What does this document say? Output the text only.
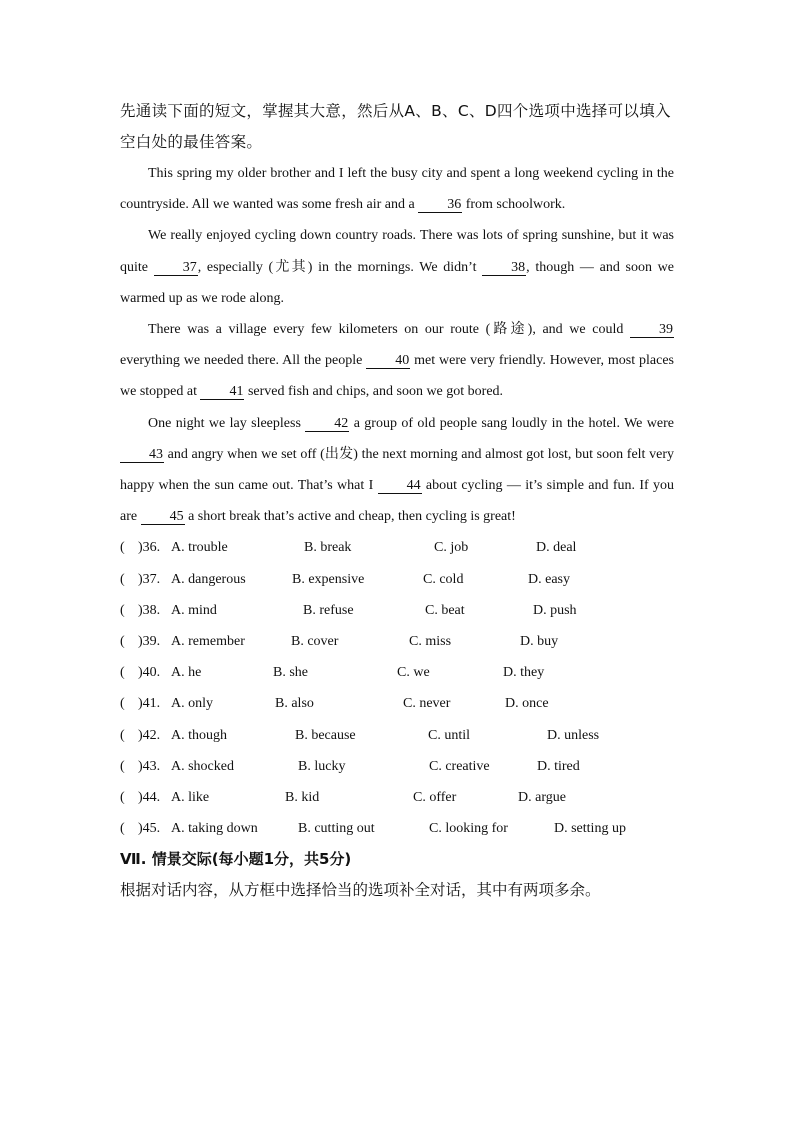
先通读下面的短文，掌握其大意，然后从A、B、C、D四个选项中选择可以填入空白处的最佳答案。

This spring my older brother and I left the busy city and spent a long weekend cycling in the countryside. All we wanted was some fresh air and a 36 from schoolwork.

We really enjoyed cycling down country roads. There was lots of spring sunshine, but it was quite 37, especially (尤其) in the mornings. We didn’t 38, though — and soon we warmed up as we rode along.

There was a village every few kilometers on our route (路途), and we could 39 everything we needed there. All the people 40 met were very friendly. However, most places we stopped at 41 served fish and chips, and soon we got bored.

One night we lay sleepless 42 a group of old people sang loudly in the hotel. We were 43 and angry when we set off (出发) the next morning and almost got lost, but soon felt very happy when the sun came out. That’s what I 44 about cycling — it’s simple and fun. If you are 45 a short break that’s active and cheap, then cycling is great!

( )36. A. trouble	B. break	C. job	D. deal
( )37. A. dangerous	B. expensive	C. cold	D. easy
( )38. A. mind	B. refuse	C. beat	D. push
( )39. A. remember	B. cover	C. miss	D. buy
( )40. A. he	B. she	C. we	D. they
( )41. A. only	B. also	C. never	D. once
( )42. A. though	B. because	C. until	D. unless
( )43. A. shocked	B. lucky	C. creative	D. tired
( )44. A. like	B. kid	C. offer	D. argue
( )45. A. taking down	B. cutting out	C. looking for	D. setting up
Ⅶ. 情景交际(每小题1分，共5分)
根据对话内容，从方框中选择恰当的选项补全对话，其中有两项多余。
